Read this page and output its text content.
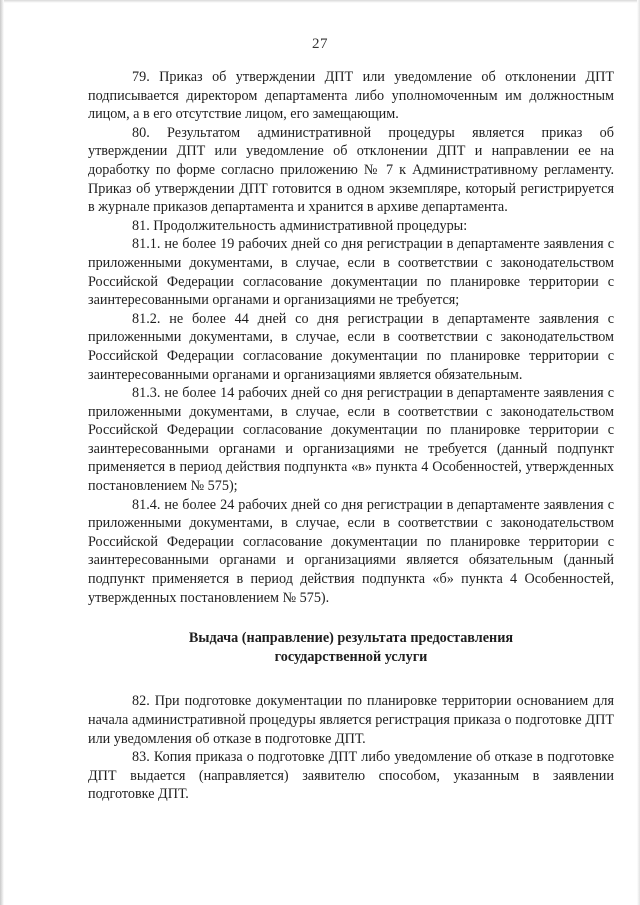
27

79. Приказ об утверждении ДПТ или уведомление об отклонении ДПТ подписывается директором департамента либо уполномоченным им должностным лицом, а в его отсутствие лицом, его замещающим.

80. Результатом административной процедуры является приказ об утверждении ДПТ или уведомление об отклонении ДПТ и направлении ее на доработку по форме согласно приложению № 7 к Административному регламенту. Приказ об утверждении ДПТ готовится в одном экземпляре, который регистрируется в журнале приказов департамента и хранится в архиве департамента.

81. Продолжительность административной процедуры:

81.1. не более 19 рабочих дней со дня регистрации в департаменте заявления с приложенными документами, в случае, если в соответствии с законодательством Российской Федерации согласование документации по планировке территории с заинтересованными органами и организациями не требуется;

81.2. не более 44 дней со дня регистрации в департаменте заявления с приложенными документами, в случае, если в соответствии с законодательством Российской Федерации согласование документации по планировке территории с заинтересованными органами и организациями является обязательным.

81.3. не более 14 рабочих дней со дня регистрации в департаменте заявления с приложенными документами, в случае, если в соответствии с законодательством Российской Федерации согласование документации по планировке территории с заинтересованными органами и организациями не требуется (данный подпункт применяется в период действия подпункта «в» пункта 4 Особенностей, утвержденных постановлением № 575);

81.4. не более 24 рабочих дней со дня регистрации в департаменте заявления с приложенными документами, в случае, если в соответствии с законодательством Российской Федерации согласование документации по планировке территории с заинтересованными органами и организациями является обязательным (данный подпункт применяется в период действия подпункта «б» пункта 4 Особенностей, утвержденных постановлением № 575).

Выдача (направление) результата предоставления
государственной услуги

82. При подготовке документации по планировке территории основанием для начала административной процедуры является регистрация приказа о подготовке ДПТ или уведомления об отказе в подготовке ДПТ.

83. Копия приказа о подготовке ДПТ либо уведомление об отказе в подготовке ДПТ выдается (направляется) заявителю способом, указанным в заявлении подготовке ДПТ.
